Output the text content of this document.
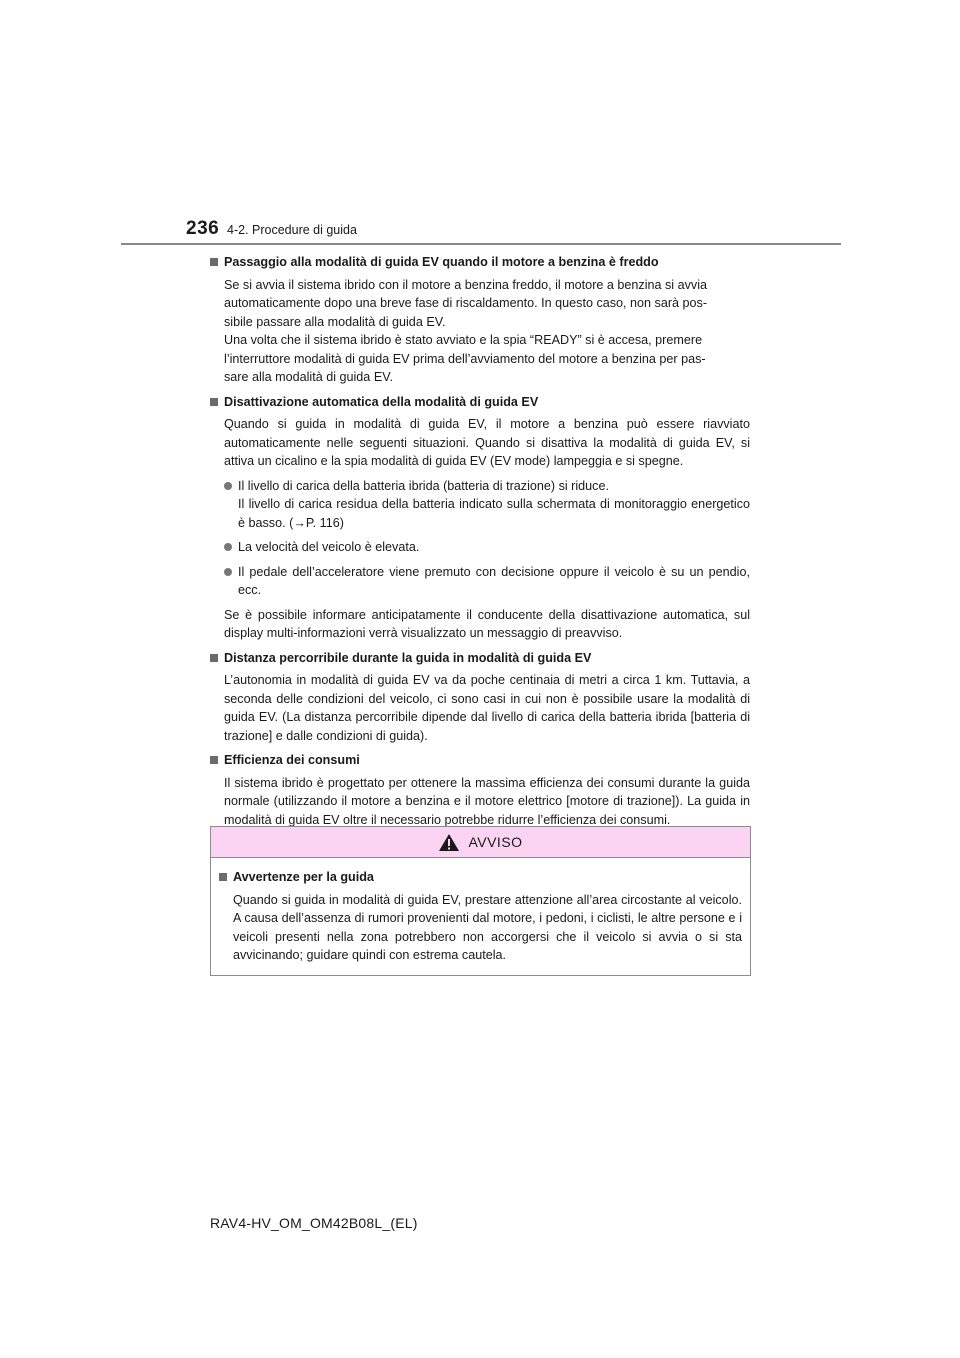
236 4-2. Procedure di guida
Passaggio alla modalità di guida EV quando il motore a benzina è freddo
Se si avvia il sistema ibrido con il motore a benzina freddo, il motore a benzina si avvia
automaticamente dopo una breve fase di riscaldamento. In questo caso, non sarà pos-
sibile passare alla modalità di guida EV.
Una volta che il sistema ibrido è stato avviato e la spia “READY” si è accesa, premere
l’interruttore modalità di guida EV prima dell’avviamento del motore a benzina per pas-
sare alla modalità di guida EV.
Disattivazione automatica della modalità di guida EV
Quando si guida in modalità di guida EV, il motore a benzina può essere riavviato automaticamente nelle seguenti situazioni. Quando si disattiva la modalità di guida EV, si attiva un cicalino e la spia modalità di guida EV (EV mode) lampeggia e si spegne.
Il livello di carica della batteria ibrida (batteria di trazione) si riduce.
Il livello di carica residua della batteria indicato sulla schermata di monitoraggio energetico è basso. (→P. 116)
La velocità del veicolo è elevata.
Il pedale dell’acceleratore viene premuto con decisione oppure il veicolo è su un pendio, ecc.
Se è possibile informare anticipatamente il conducente della disattivazione automatica, sul display multi-informazioni verrà visualizzato un messaggio di preavviso.
Distanza percorribile durante la guida in modalità di guida EV
L’autonomia in modalità di guida EV va da poche centinaia di metri a circa 1 km. Tuttavia, a seconda delle condizioni del veicolo, ci sono casi in cui non è possibile usare la modalità di guida EV. (La distanza percorribile dipende dal livello di carica della batteria ibrida [batteria di trazione] e dalle condizioni di guida).
Efficienza dei consumi
Il sistema ibrido è progettato per ottenere la massima efficienza dei consumi durante la guida normale (utilizzando il motore a benzina e il motore elettrico [motore di trazione]). La guida in modalità di guida EV oltre il necessario potrebbe ridurre l’efficienza dei consumi.
AVVISO
Avvertenze per la guida
Quando si guida in modalità di guida EV, prestare attenzione all’area circostante al veicolo. A causa dell’assenza di rumori provenienti dal motore, i pedoni, i ciclisti, le altre persone e i veicoli presenti nella zona potrebbero non accorgersi che il veicolo si avvia o si sta avvicinando; guidare quindi con estrema cautela.
RAV4-HV_OM_OM42B08L_(EL)
